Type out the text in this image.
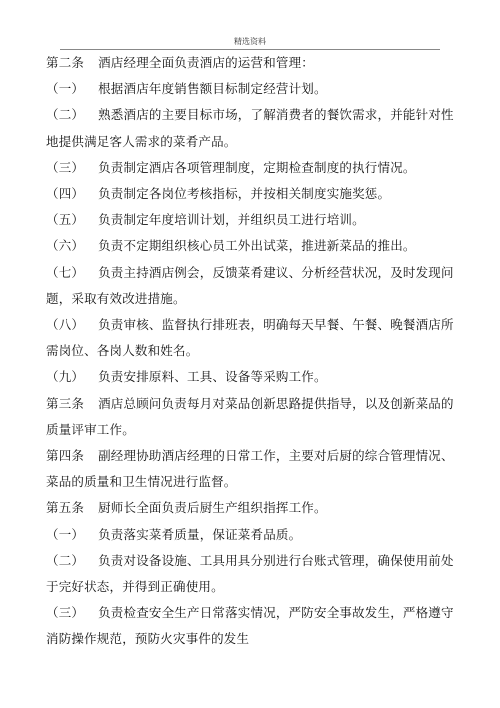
精选资料

第二条 酒店经理全面负责酒店的运营和管理：

（一） 根据酒店年度销售额目标制定经营计划。

（二） 熟悉酒店的主要目标市场，了解消费者的餐饮需求，并能针对性地提供满足客人需求的菜肴产品。

（三） 负责制定酒店各项管理制度，定期检查制度的执行情况。

（四） 负责制定各岗位考核指标，并按相关制度实施奖惩。

（五） 负责制定年度培训计划，并组织员工进行培训。

（六） 负责不定期组织核心员工外出试菜，推进新菜品的推出。

（七） 负责主持酒店例会，反馈菜肴建议、分析经营状况，及时发现问题，采取有效改进措施。

（八） 负责审核、监督执行排班表，明确每天早餐、午餐、晚餐酒店所需岗位、各岗人数和姓名。

（九） 负责安排原料、工具、设备等采购工作。

第三条 酒店总顾问负责每月对菜品创新思路提供指导，以及创新菜品的质量评审工作。

第四条 副经理协助酒店经理的日常工作，主要对后厨的综合管理情况、菜品的质量和卫生情况进行监督。

第五条 厨师长全面负责后厨生产组织指挥工作。

（一） 负责落实菜肴质量，保证菜肴品质。

（二） 负责对设备设施、工具用具分别进行台账式管理，确保使用前处于完好状态，并得到正确使用。

（三） 负责检查安全生产日常落实情况，严防安全事故发生，严格遵守消防操作规范，预防火灾事件的发生
